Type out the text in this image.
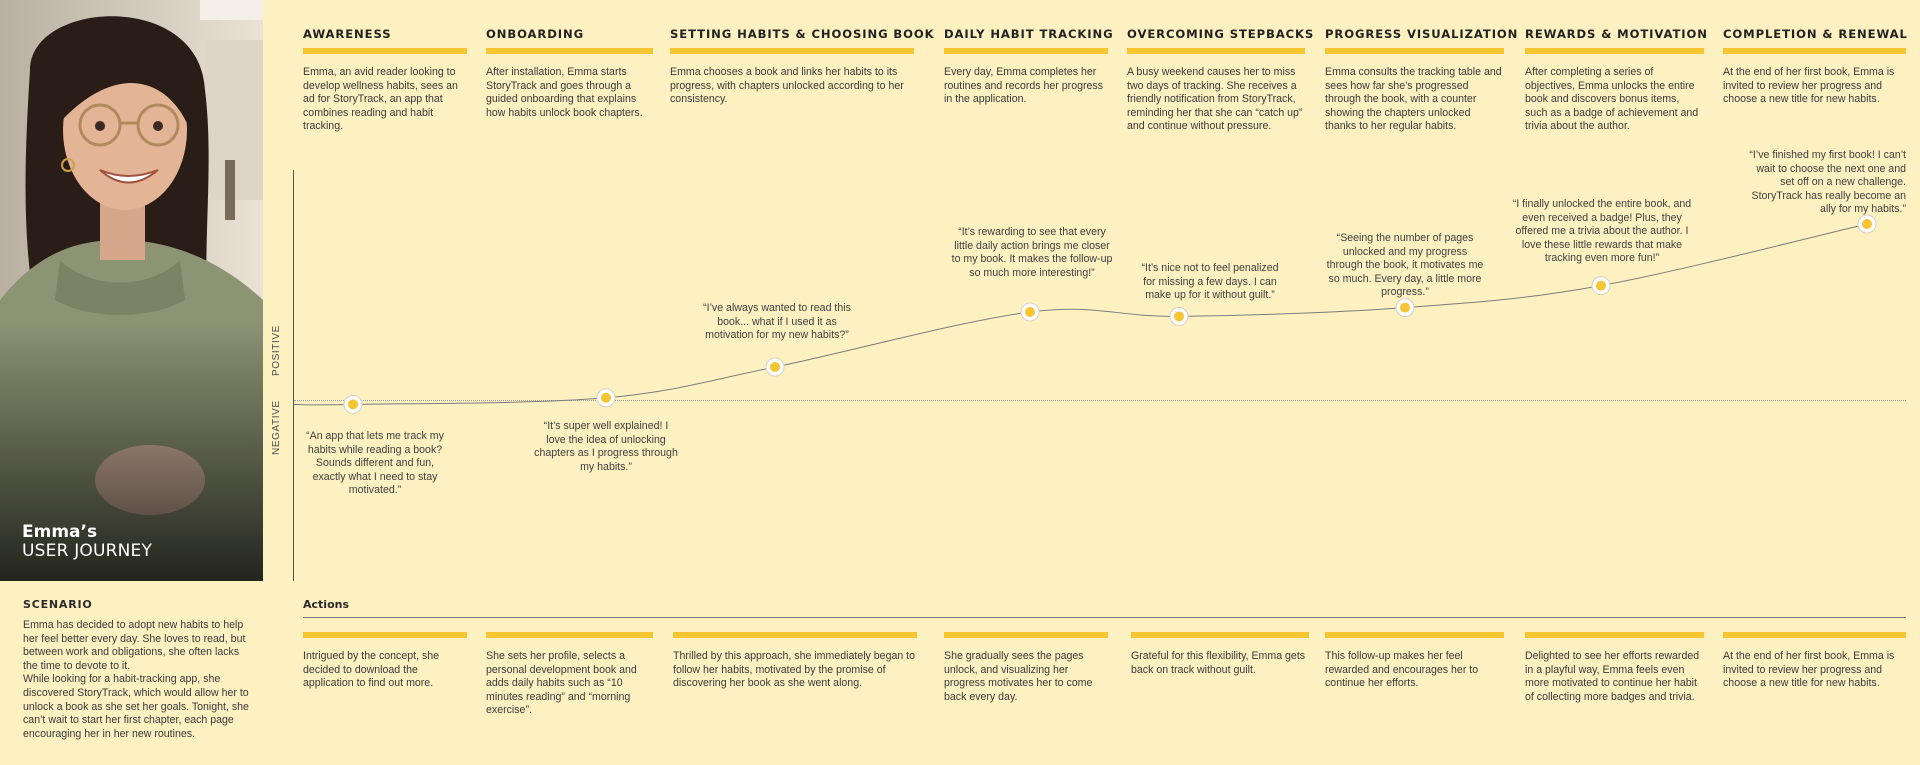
Emma’s
USER JOURNEY
SCENARIO

Emma has decided to adopt new habits to help her feel better every day. She loves to read, but between work and obligations, she often lacks the time to devote to it.
While looking for a habit-tracking app, she discovered StoryTrack, which would allow her to unlock a book as she set her goals. Tonight, she can’t wait to start her first chapter, each page encouraging her in her new routines.

AWARENESS

Emma, an avid reader looking to develop wellness habits, sees an ad for StoryTrack, an app that combines reading and habit tracking.

ONBOARDING

After installation, Emma starts StoryTrack and goes through a guided onboarding that explains how habits unlock book chapters.

SETTING HABITS & CHOOSING BOOK

Emma chooses a book and links her habits to its progress, with chapters unlocked according to her consistency.

DAILY HABIT TRACKING

Every day, Emma completes her routines and records her progress in the application.

OVERCOMING STEPBACKS

A busy weekend causes her to miss two days of tracking. She receives a friendly notification from StoryTrack, reminding her that she can “catch up” and continue without pressure.

PROGRESS VISUALIZATION

Emma consults the tracking table and sees how far she’s progressed through the book, with a counter showing the chapters unlocked thanks to her regular habits.

REWARDS & MOTIVATION

After completing a series of objectives, Emma unlocks the entire book and discovers bonus items, such as a badge of achievement and trivia about the author.

COMPLETION & RENEWAL

At the end of her first book, Emma is invited to review her progress and choose a new title for new habits.

POSITIVE
NEGATIVE “An app that lets me track my habits while reading a book? Sounds different and fun, exactly what I need to stay motivated.”
“It’s super well explained! I love the idea of unlocking chapters as I progress through my habits.”
“I’ve always wanted to read this book... what if I used it as motivation for my new habits?”
“It’s rewarding to see that every little daily action brings me closer to my book. It makes the follow-up so much more interesting!”	“It’s nice not to feel penalized for missing a few days. I can make up for it without guilt.”
“Seeing the number of pages unlocked and my progress through the book, it motivates me so much. Every day, a little more progress.”
“I finally unlocked the entire book, and even received a badge! Plus, they offered me a trivia about the author. I love these little rewards that make tracking even more fun!”
“I’ve finished my first book! I can’t wait to choose the next one and set off on a new challenge. StoryTrack has really become an ally for my habits.”
Actions

Intrigued by the concept, she decided to download the application to find out more.

She sets her profile, selects a personal development book and adds daily habits such as “10 minutes reading” and “morning exercise”.

Thrilled by this approach, she immediately began to follow her habits, motivated by the promise of discovering her book as she went along.

She gradually sees the pages unlock, and visualizing her progress motivates her to come back every day.

Grateful for this flexibility, Emma gets back on track without guilt.

This follow-up makes her feel rewarded and encourages her to continue her efforts.

Delighted to see her efforts rewarded in a playful way, Emma feels even more motivated to continue her habit of collecting more badges and trivia.

At the end of her first book, Emma is invited to review her progress and choose a new title for new habits.
